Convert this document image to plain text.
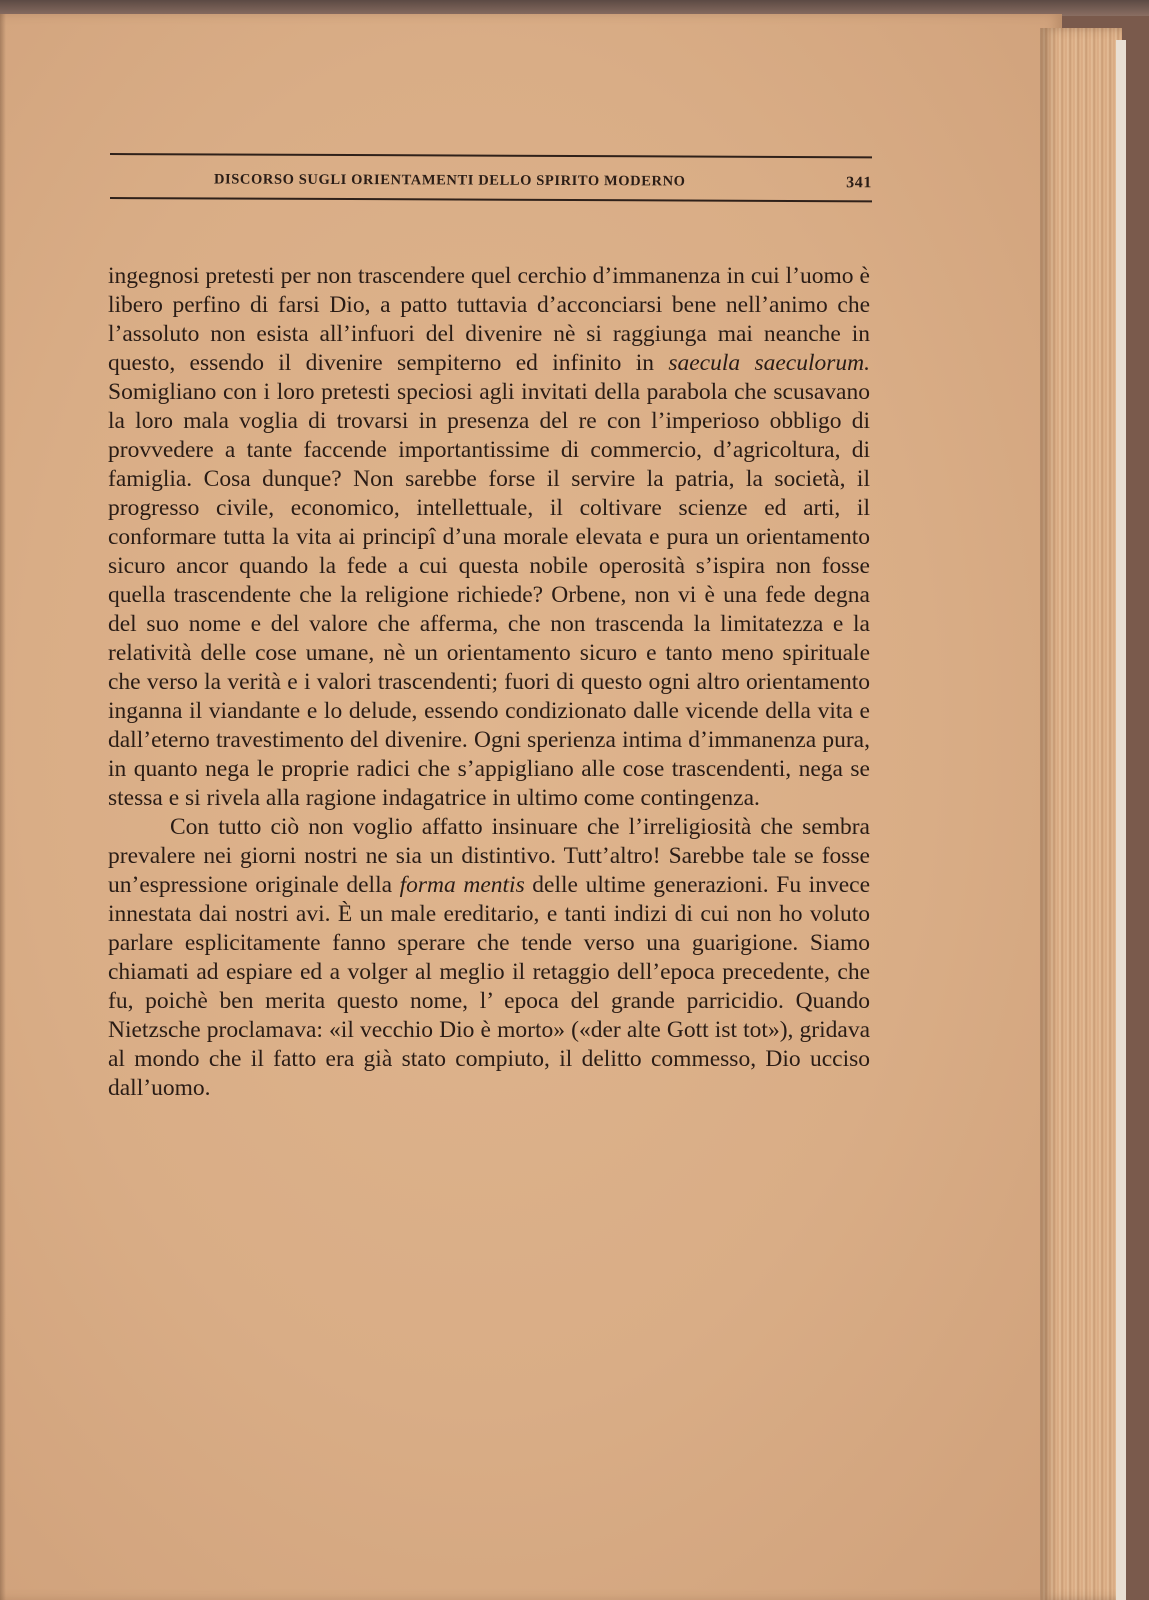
DISCORSO SUGLI ORIENTAMENTI DELLO SPIRITO MODERNO	341

ingegnosi pretesti per non trascendere quel cerchio d’immanenza in cui l’uomo è libero perfino di farsi Dio, a patto tuttavia d’acconciarsi bene nell’animo che l’assoluto non esista all’infuori del divenire nè si raggiunga mai neanche in questo, essendo il divenire sempiterno ed infinito in saecula saeculorum. Somigliano con i loro pretesti speciosi agli invitati della parabola che scusavano la loro mala voglia di trovarsi in presenza del re con l’imperioso obbligo di provvedere a tante faccende importantissime di commercio, d’agricoltura, di famiglia. Cosa dunque? Non sarebbe forse il servire la patria, la società, il progresso civile, economico, intellettuale, il coltivare scienze ed arti, il conformare tutta la vita ai principî d’una morale elevata e pura un orientamento sicuro ancor quando la fede a cui questa nobile operosità s’ispira non fosse quella trascendente che la religione richiede? Orbene, non vi è una fede degna del suo nome e del valore che afferma, che non trascenda la limitatezza e la relatività delle cose umane, nè un orientamento sicuro e tanto meno spirituale che verso la verità e i valori trascendenti; fuori di questo ogni altro orientamento inganna il viandante e lo delude, essendo condizionato dalle vicende della vita e dall’eterno travestimento del divenire. Ogni sperienza intima d’immanenza pura, in quanto nega le proprie radici che s’appigliano alle cose trascendenti, nega se stessa e si rivela alla ragione indagatrice in ultimo come contingenza.

Con tutto ciò non voglio affatto insinuare che l’irreligiosità che sembra prevalere nei giorni nostri ne sia un distintivo. Tutt’altro! Sarebbe tale se fosse un’espressione originale della forma mentis delle ultime generazioni. Fu invece innestata dai nostri avi. È un male ereditario, e tanti indizi di cui non ho voluto parlare esplicitamente fanno sperare che tende verso una guarigione. Siamo chiamati ad espiare ed a volger al meglio il retaggio dell’epoca precedente, che fu, poichè ben merita questo nome, l’ epoca del grande parricidio. Quando Nietzsche proclamava: «il vecchio Dio è morto» («der alte Gott ist tot»), gridava al mondo che il fatto era già stato compiuto, il delitto commesso, Dio ucciso dall’uomo.
